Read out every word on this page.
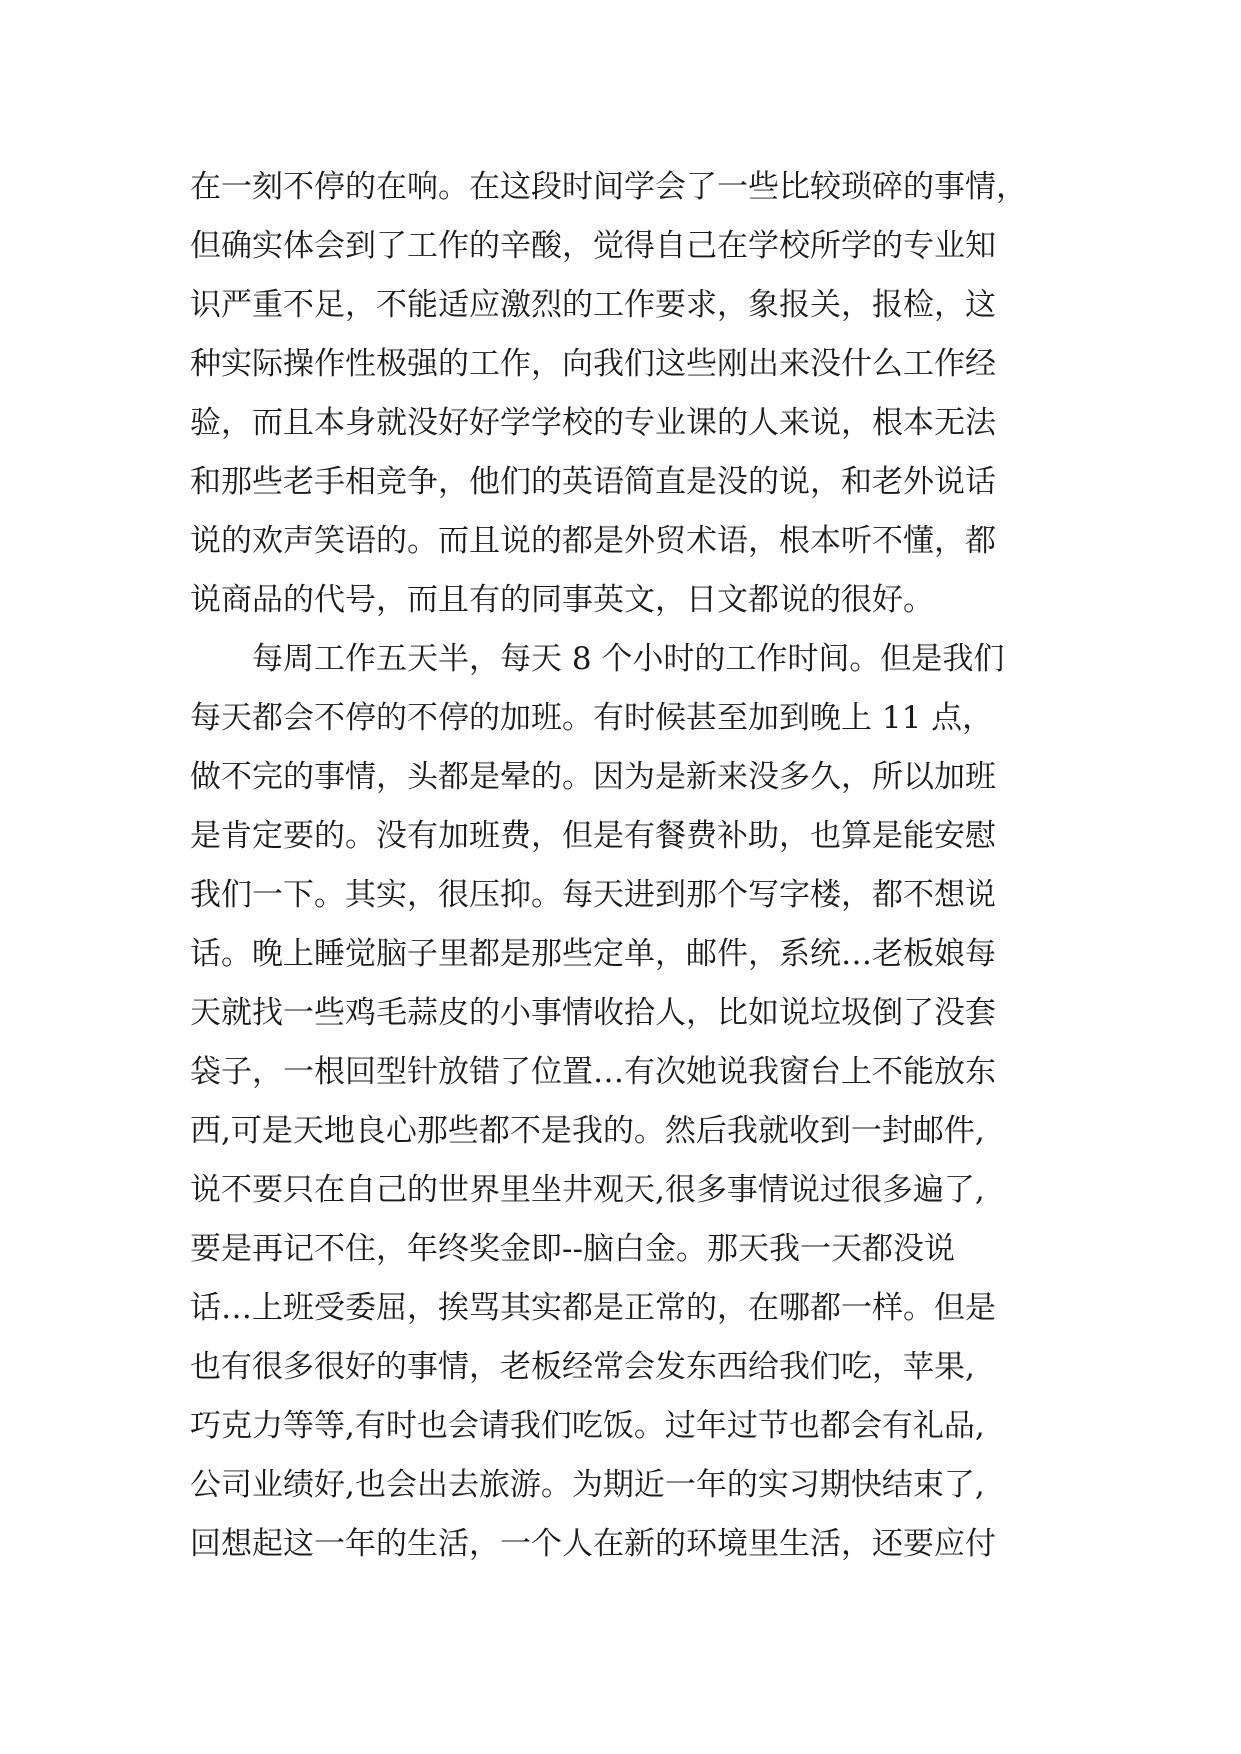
在一刻不停的在响。在这段时间学会了一些比较琐碎的事情，
但确实体会到了工作的辛酸，觉得自己在学校所学的专业知
识严重不足，不能适应激烈的工作要求，象报关，报检，这
种实际操作性极强的工作，向我们这些刚出来没什么工作经
验，而且本身就没好好学学校的专业课的人来说，根本无法
和那些老手相竞争，他们的英语简直是没的说，和老外说话
说的欢声笑语的。而且说的都是外贸术语，根本听不懂，都
说商品的代号，而且有的同事英文，日文都说的很好。
　　每周工作五天半，每天 8 个小时的工作时间。但是我们
每天都会不停的不停的加班。有时候甚至加到晚上 11 点，
做不完的事情，头都是晕的。因为是新来没多久，所以加班
是肯定要的。没有加班费，但是有餐费补助，也算是能安慰
我们一下。其实，很压抑。每天进到那个写字楼，都不想说
话。晚上睡觉脑子里都是那些定单，邮件，系统…老板娘每
天就找一些鸡毛蒜皮的小事情收拾人，比如说垃圾倒了没套
袋子，一根回型针放错了位置…有次她说我窗台上不能放东
西,可是天地良心那些都不是我的。然后我就收到一封邮件,
说不要只在自己的世界里坐井观天,很多事情说过很多遍了,
要是再记不住，年终奖金即--脑白金。那天我一天都没说
话…上班受委屈，挨骂其实都是正常的，在哪都一样。但是
也有很多很好的事情，老板经常会发东西给我们吃，苹果,
巧克力等等,有时也会请我们吃饭。过年过节也都会有礼品,
公司业绩好,也会出去旅游。为期近一年的实习期快结束了,
回想起这一年的生活，一个人在新的环境里生活，还要应付
